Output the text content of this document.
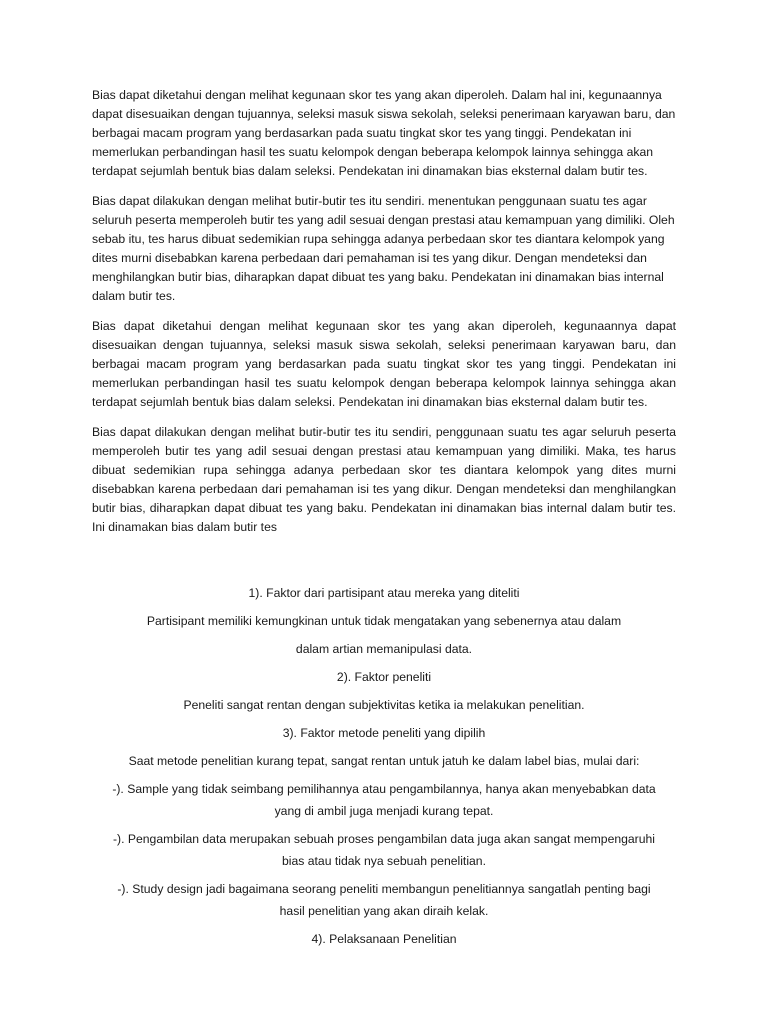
Bias dapat diketahui dengan melihat kegunaan skor tes yang akan diperoleh. Dalam hal ini, kegunaannya dapat disesuaikan dengan tujuannya, seleksi masuk siswa sekolah, seleksi penerimaan karyawan baru, dan berbagai macam program yang berdasarkan pada suatu tingkat skor tes yang tinggi. Pendekatan ini memerlukan perbandingan hasil tes suatu kelompok dengan beberapa kelompok lainnya sehingga akan terdapat sejumlah bentuk bias dalam seleksi. Pendekatan ini dinamakan bias eksternal dalam butir tes.

Bias dapat dilakukan dengan melihat butir-butir tes itu sendiri. menentukan penggunaan suatu tes agar seluruh peserta memperoleh butir tes yang adil sesuai dengan prestasi atau kemampuan yang dimiliki. Oleh sebab itu, tes harus dibuat sedemikian rupa sehingga adanya perbedaan skor tes diantara kelompok yang dites murni disebabkan karena perbedaan dari pemahaman isi tes yang dikur. Dengan mendeteksi dan menghilangkan butir bias, diharapkan dapat dibuat tes yang baku. Pendekatan ini dinamakan bias internal dalam butir tes.

Bias dapat diketahui dengan melihat kegunaan skor tes yang akan diperoleh, kegunaannya dapat disesuaikan dengan tujuannya, seleksi masuk siswa sekolah, seleksi penerimaan karyawan baru, dan berbagai macam program yang berdasarkan pada suatu tingkat skor tes yang tinggi. Pendekatan ini memerlukan perbandingan hasil tes suatu kelompok dengan beberapa kelompok lainnya sehingga akan terdapat sejumlah bentuk bias dalam seleksi. Pendekatan ini dinamakan bias eksternal dalam butir tes.

Bias dapat dilakukan dengan melihat butir-butir tes itu sendiri, penggunaan suatu tes agar seluruh peserta memperoleh butir tes yang adil sesuai dengan prestasi atau kemampuan yang dimiliki. Maka, tes harus dibuat sedemikian rupa sehingga adanya perbedaan skor tes diantara kelompok yang dites murni disebabkan karena perbedaan dari pemahaman isi tes yang dikur. Dengan mendeteksi dan menghilangkan butir bias, diharapkan dapat dibuat tes yang baku. Pendekatan ini dinamakan bias internal dalam butir tes. Ini dinamakan bias dalam butir tes

1). Faktor dari partisipant atau mereka yang diteliti

Partisipant memiliki kemungkinan untuk tidak mengatakan yang sebenernya atau dalam

dalam artian memanipulasi data.

2). Faktor peneliti

Peneliti sangat rentan dengan subjektivitas ketika ia melakukan penelitian.

3). Faktor metode peneliti yang dipilih

Saat metode penelitian kurang tepat, sangat rentan untuk jatuh ke dalam label bias, mulai dari:

-). Sample yang tidak seimbang pemilihannya atau pengambilannya, hanya akan menyebabkan data

yang di ambil juga menjadi kurang tepat.

-). Pengambilan data merupakan sebuah proses pengambilan data juga akan sangat mempengaruhi

bias atau tidak nya sebuah penelitian.

-). Study design jadi bagaimana seorang peneliti membangun penelitiannya sangatlah penting bagi

hasil penelitian yang akan diraih kelak.

4). Pelaksanaan Penelitian
